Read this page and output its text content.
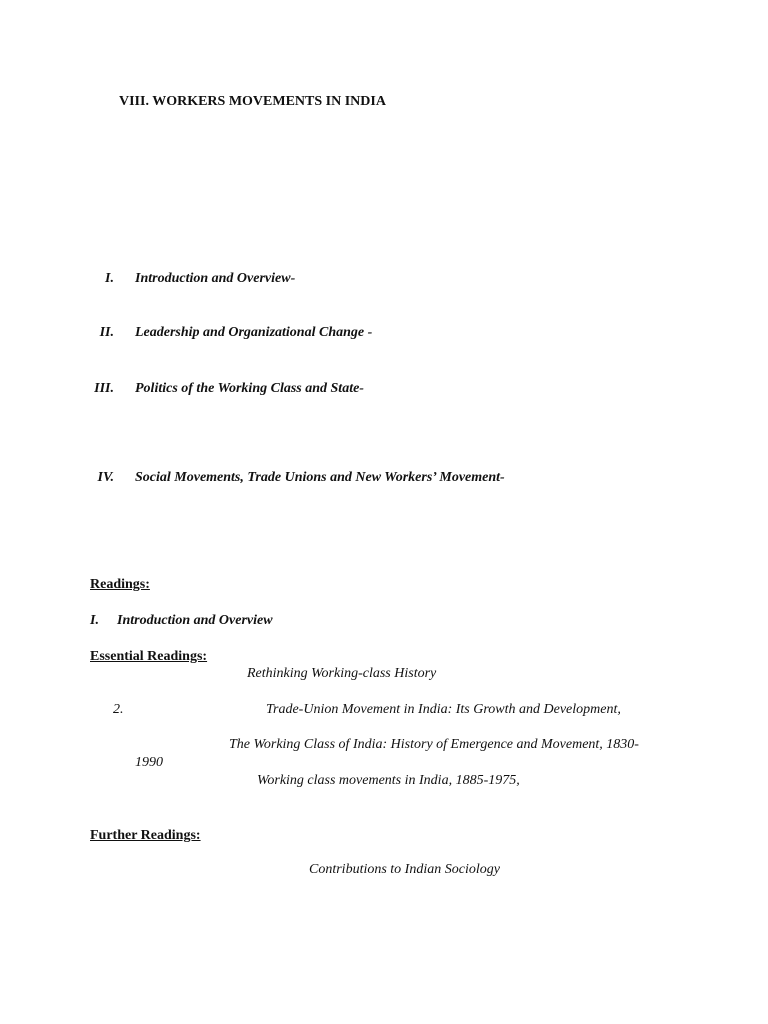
VIII. WORKERS MOVEMENTS IN INDIA
I. Introduction and Overview-
II. Leadership and Organizational Change -
III. Politics of the Working Class and State-
IV. Social Movements, Trade Unions and New Workers’ Movement-
Readings:
I. Introduction and Overview
Essential Readings:
Rethinking Working-class History
2.	Trade-Union Movement in India: Its Growth and Development,
The Working Class of India: History of Emergence and Movement, 1830-
1990
Working class movements in India, 1885-1975,
Further Readings:
Contributions to Indian Sociology
